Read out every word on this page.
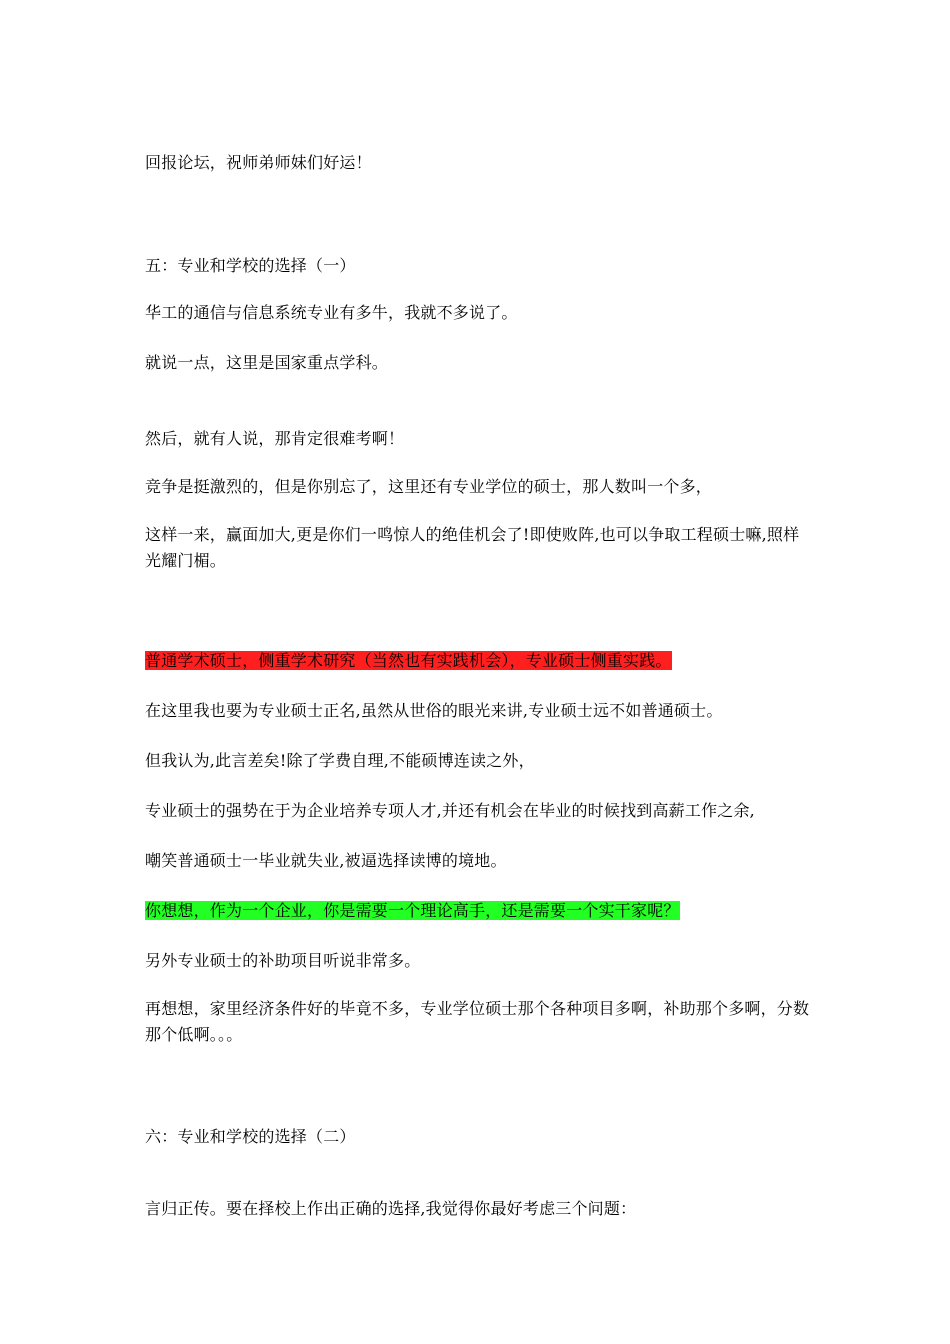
回报论坛，祝师弟师妹们好运！
五：专业和学校的选择（一）
华工的通信与信息系统专业有多牛，我就不多说了。
就说一点，这里是国家重点学科。
然后，就有人说，那肯定很难考啊！
竞争是挺激烈的，但是你别忘了，这里还有专业学位的硕士，那人数叫一个多，
这样一来，赢面加大,更是你们一鸣惊人的绝佳机会了!即使败阵,也可以争取工程硕士嘛,照样光耀门楣。
普通学术硕士，侧重学术研究（当然也有实践机会），专业硕士侧重实践。
在这里我也要为专业硕士正名,虽然从世俗的眼光来讲,专业硕士远不如普通硕士。
但我认为,此言差矣!除了学费自理,不能硕博连读之外，
专业硕士的强势在于为企业培养专项人才,并还有机会在毕业的时候找到高薪工作之余,
嘲笑普通硕士一毕业就失业,被逼选择读博的境地。
你想想，作为一个企业，你是需要一个理论高手，还是需要一个实干家呢？
另外专业硕士的补助项目听说非常多。
再想想，家里经济条件好的毕竟不多，专业学位硕士那个各种项目多啊，补助那个多啊，分数那个低啊。。。
六：专业和学校的选择（二）
言归正传。要在择校上作出正确的选择,我觉得你最好考虑三个问题：
